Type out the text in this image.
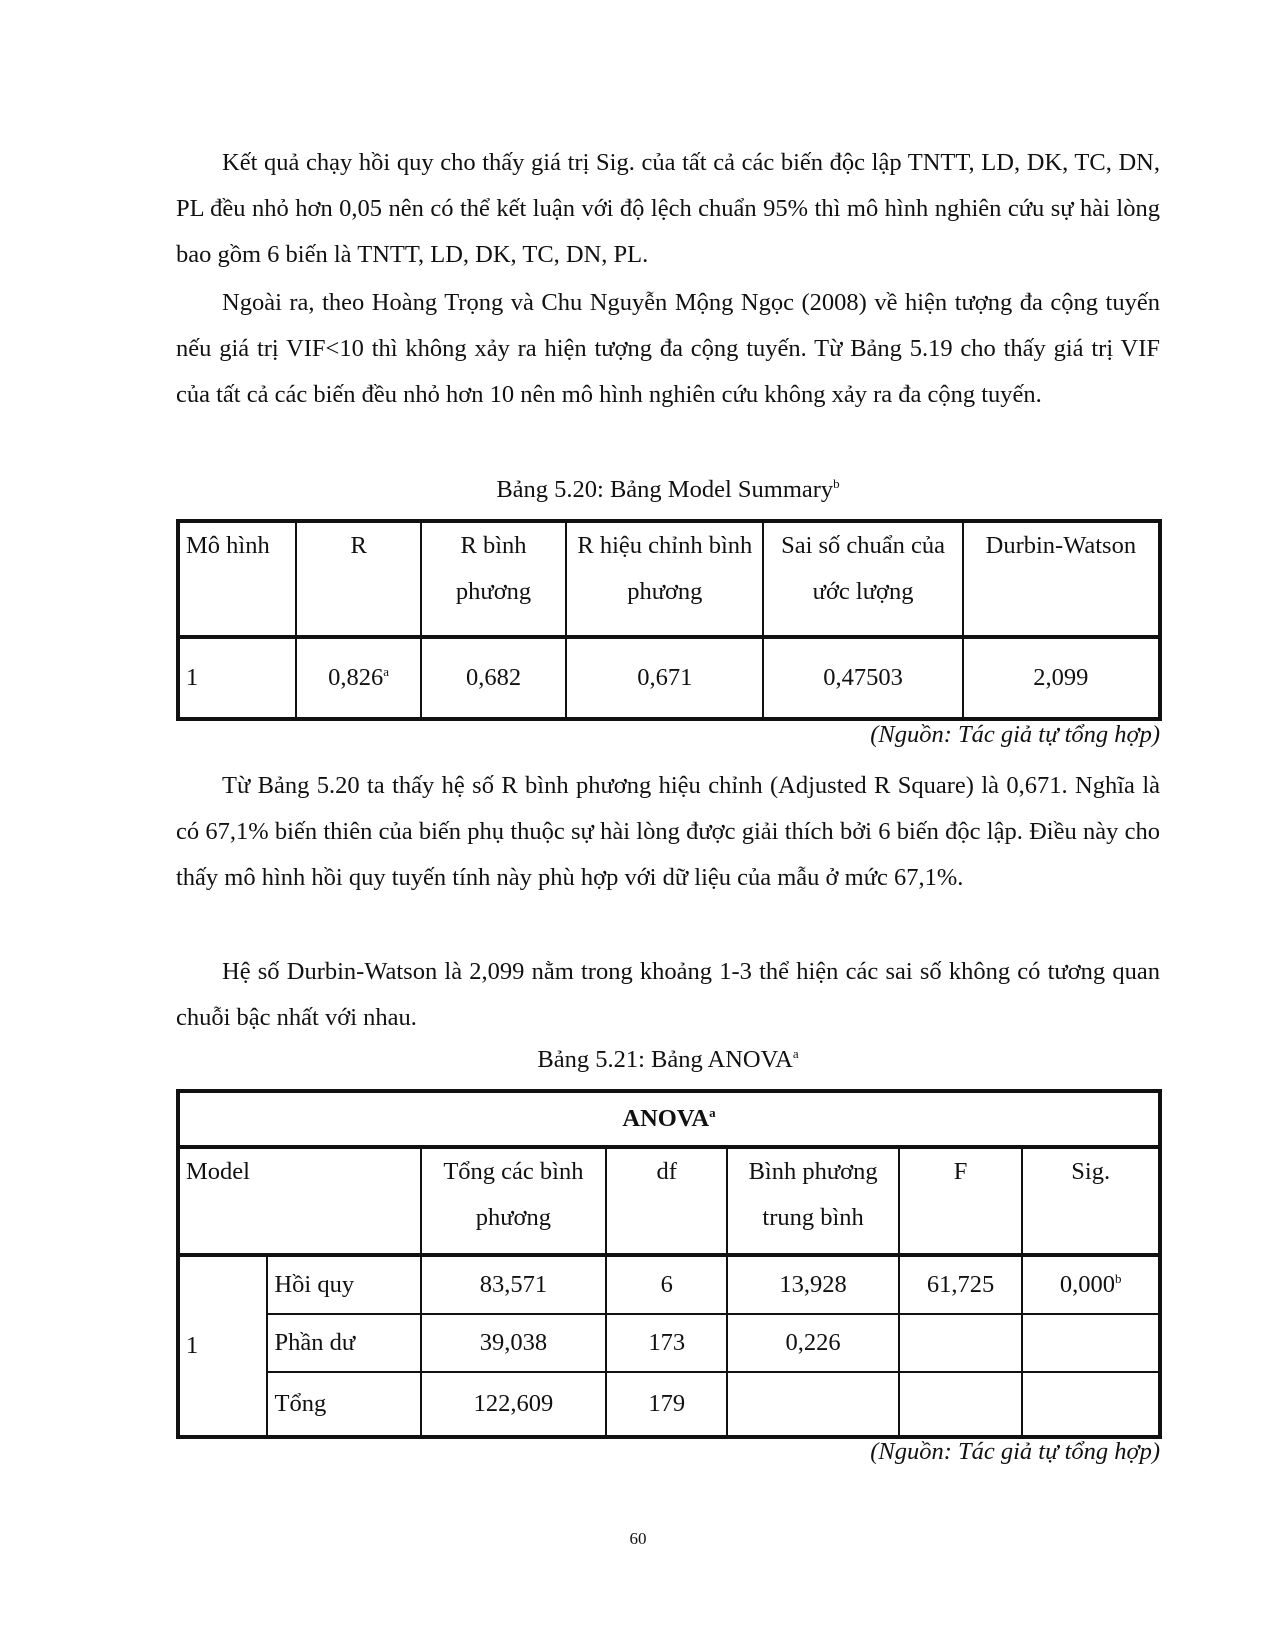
Kết quả chạy hồi quy cho thấy giá trị Sig. của tất cả các biến độc lập TNTT, LD, DK, TC, DN, PL đều nhỏ hơn 0,05 nên có thể kết luận với độ lệch chuẩn 95% thì mô hình nghiên cứu sự hài lòng bao gồm 6 biến là TNTT, LD, DK, TC, DN, PL.

Ngoài ra, theo Hoàng Trọng và Chu Nguyễn Mộng Ngọc (2008) về hiện tượng đa cộng tuyến nếu giá trị VIF<10 thì không xảy ra hiện tượng đa cộng tuyến. Từ Bảng 5.19 cho thấy giá trị VIF của tất cả các biến đều nhỏ hơn 10 nên mô hình nghiên cứu không xảy ra đa cộng tuyến.

Bảng 5.20: Bảng Model Summary$^b$

Mô hình	R	R bình phương	R hiệu chỉnh bình phương	Sai số chuẩn của ước lượng	Durbin-Watson
1	0,826$^a$	0,682	0,671	0,47503	2,099

(Nguồn: Tác giả tự tổng hợp)

Từ Bảng 5.20 ta thấy hệ số R bình phương hiệu chỉnh (Adjusted R Square) là 0,671. Nghĩa là có 67,1% biến thiên của biến phụ thuộc sự hài lòng được giải thích bởi 6 biến độc lập. Điều này cho thấy mô hình hồi quy tuyến tính này phù hợp với dữ liệu của mẫu ở mức 67,1%.

Hệ số Durbin-Watson là 2,099 nằm trong khoảng 1-3 thể hiện các sai số không có tương quan chuỗi bậc nhất với nhau.

Bảng 5.21: Bảng ANOVA$^a$

ANOVA$^a$
Model		Tổng các bình phương	df	Bình phương trung bình	F	Sig.
1	Hồi quy	83,571	6	13,928	61,725	0,000$^b$
	Phần dư	39,038	173	0,226		
	Tổng	122,609	179			

(Nguồn: Tác giả tự tổng hợp)

60
